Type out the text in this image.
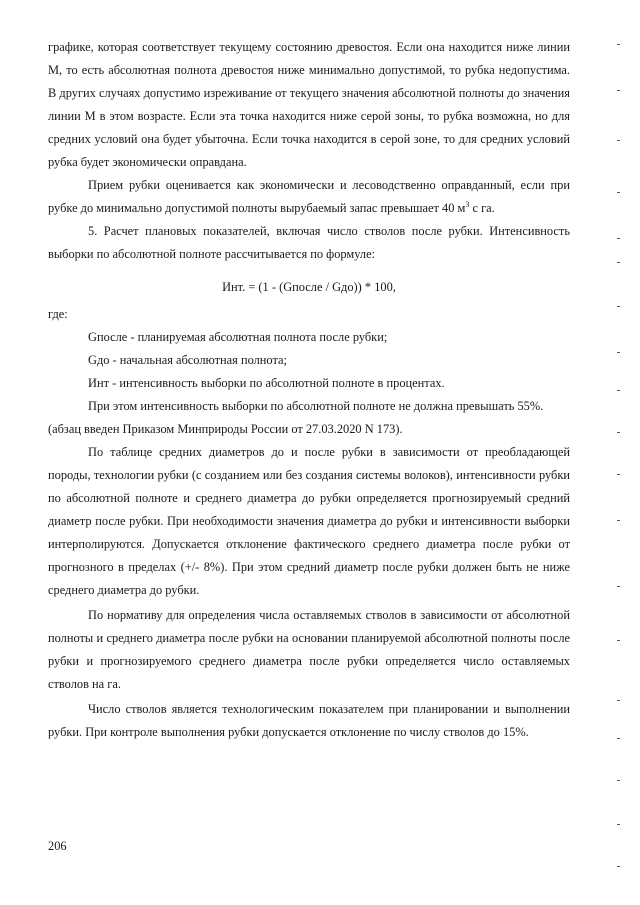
графике, которая соответствует текущему состоянию древостоя. Если она находится ниже линии М, то есть абсолютная полнота древостоя ниже минимально допустимой, то рубка недопустима. В других случаях допустимо изреживание от текущего значения абсолютной полноты до значения линии М в этом возрасте. Если эта точка находится ниже серой зоны, то рубка возможна, но для средних условий она будет убыточна. Если точка находится в серой зоне, то для средних условий рубка будет экономически оправдана.

Прием рубки оценивается как экономически и лесоводственно оправданный, если при рубке до минимально допустимой полноты вырубаемый запас превышает 40 $м^3$ с га.

5. Расчет плановых показателей, включая число стволов после рубки. Интенсивность выборки по абсолютной полноте рассчитывается по формуле:

Инт. = (1 - (Gпосле / Gдо)) * 100,

где:

Gпосле - планируемая абсолютная полнота после рубки;

Gдо - начальная абсолютная полнота;

Инт - интенсивность выборки по абсолютной полноте в процентах.

При этом интенсивность выборки по абсолютной полноте не должна превышать 55%.

(абзац введен Приказом Минприроды России от 27.03.2020 N 173).

По таблице средних диаметров до и после рубки в зависимости от преобладающей породы, технологии рубки (с созданием или без создания системы волоков), интенсивности рубки по абсолютной полноте и среднего диаметра до рубки определяется прогнозируемый средний диаметр после рубки. При необходимости значения диаметра до рубки и интенсивности выборки интерполируются. Допускается отклонение фактического среднего диаметра после рубки от прогнозного в пределах (+/- 8%). При этом средний диаметр после рубки должен быть не ниже среднего диаметра до рубки.

По нормативу для определения числа оставляемых стволов в зависимости от абсолютной полноты и среднего диаметра после рубки на основании планируемой абсолютной полноты после рубки и прогнозируемого среднего диаметра после рубки определяется число оставляемых стволов на га.

Число стволов является технологическим показателем при планировании и выполнении рубки. При контроле выполнения рубки допускается отклонение по числу стволов до 15%.

206
